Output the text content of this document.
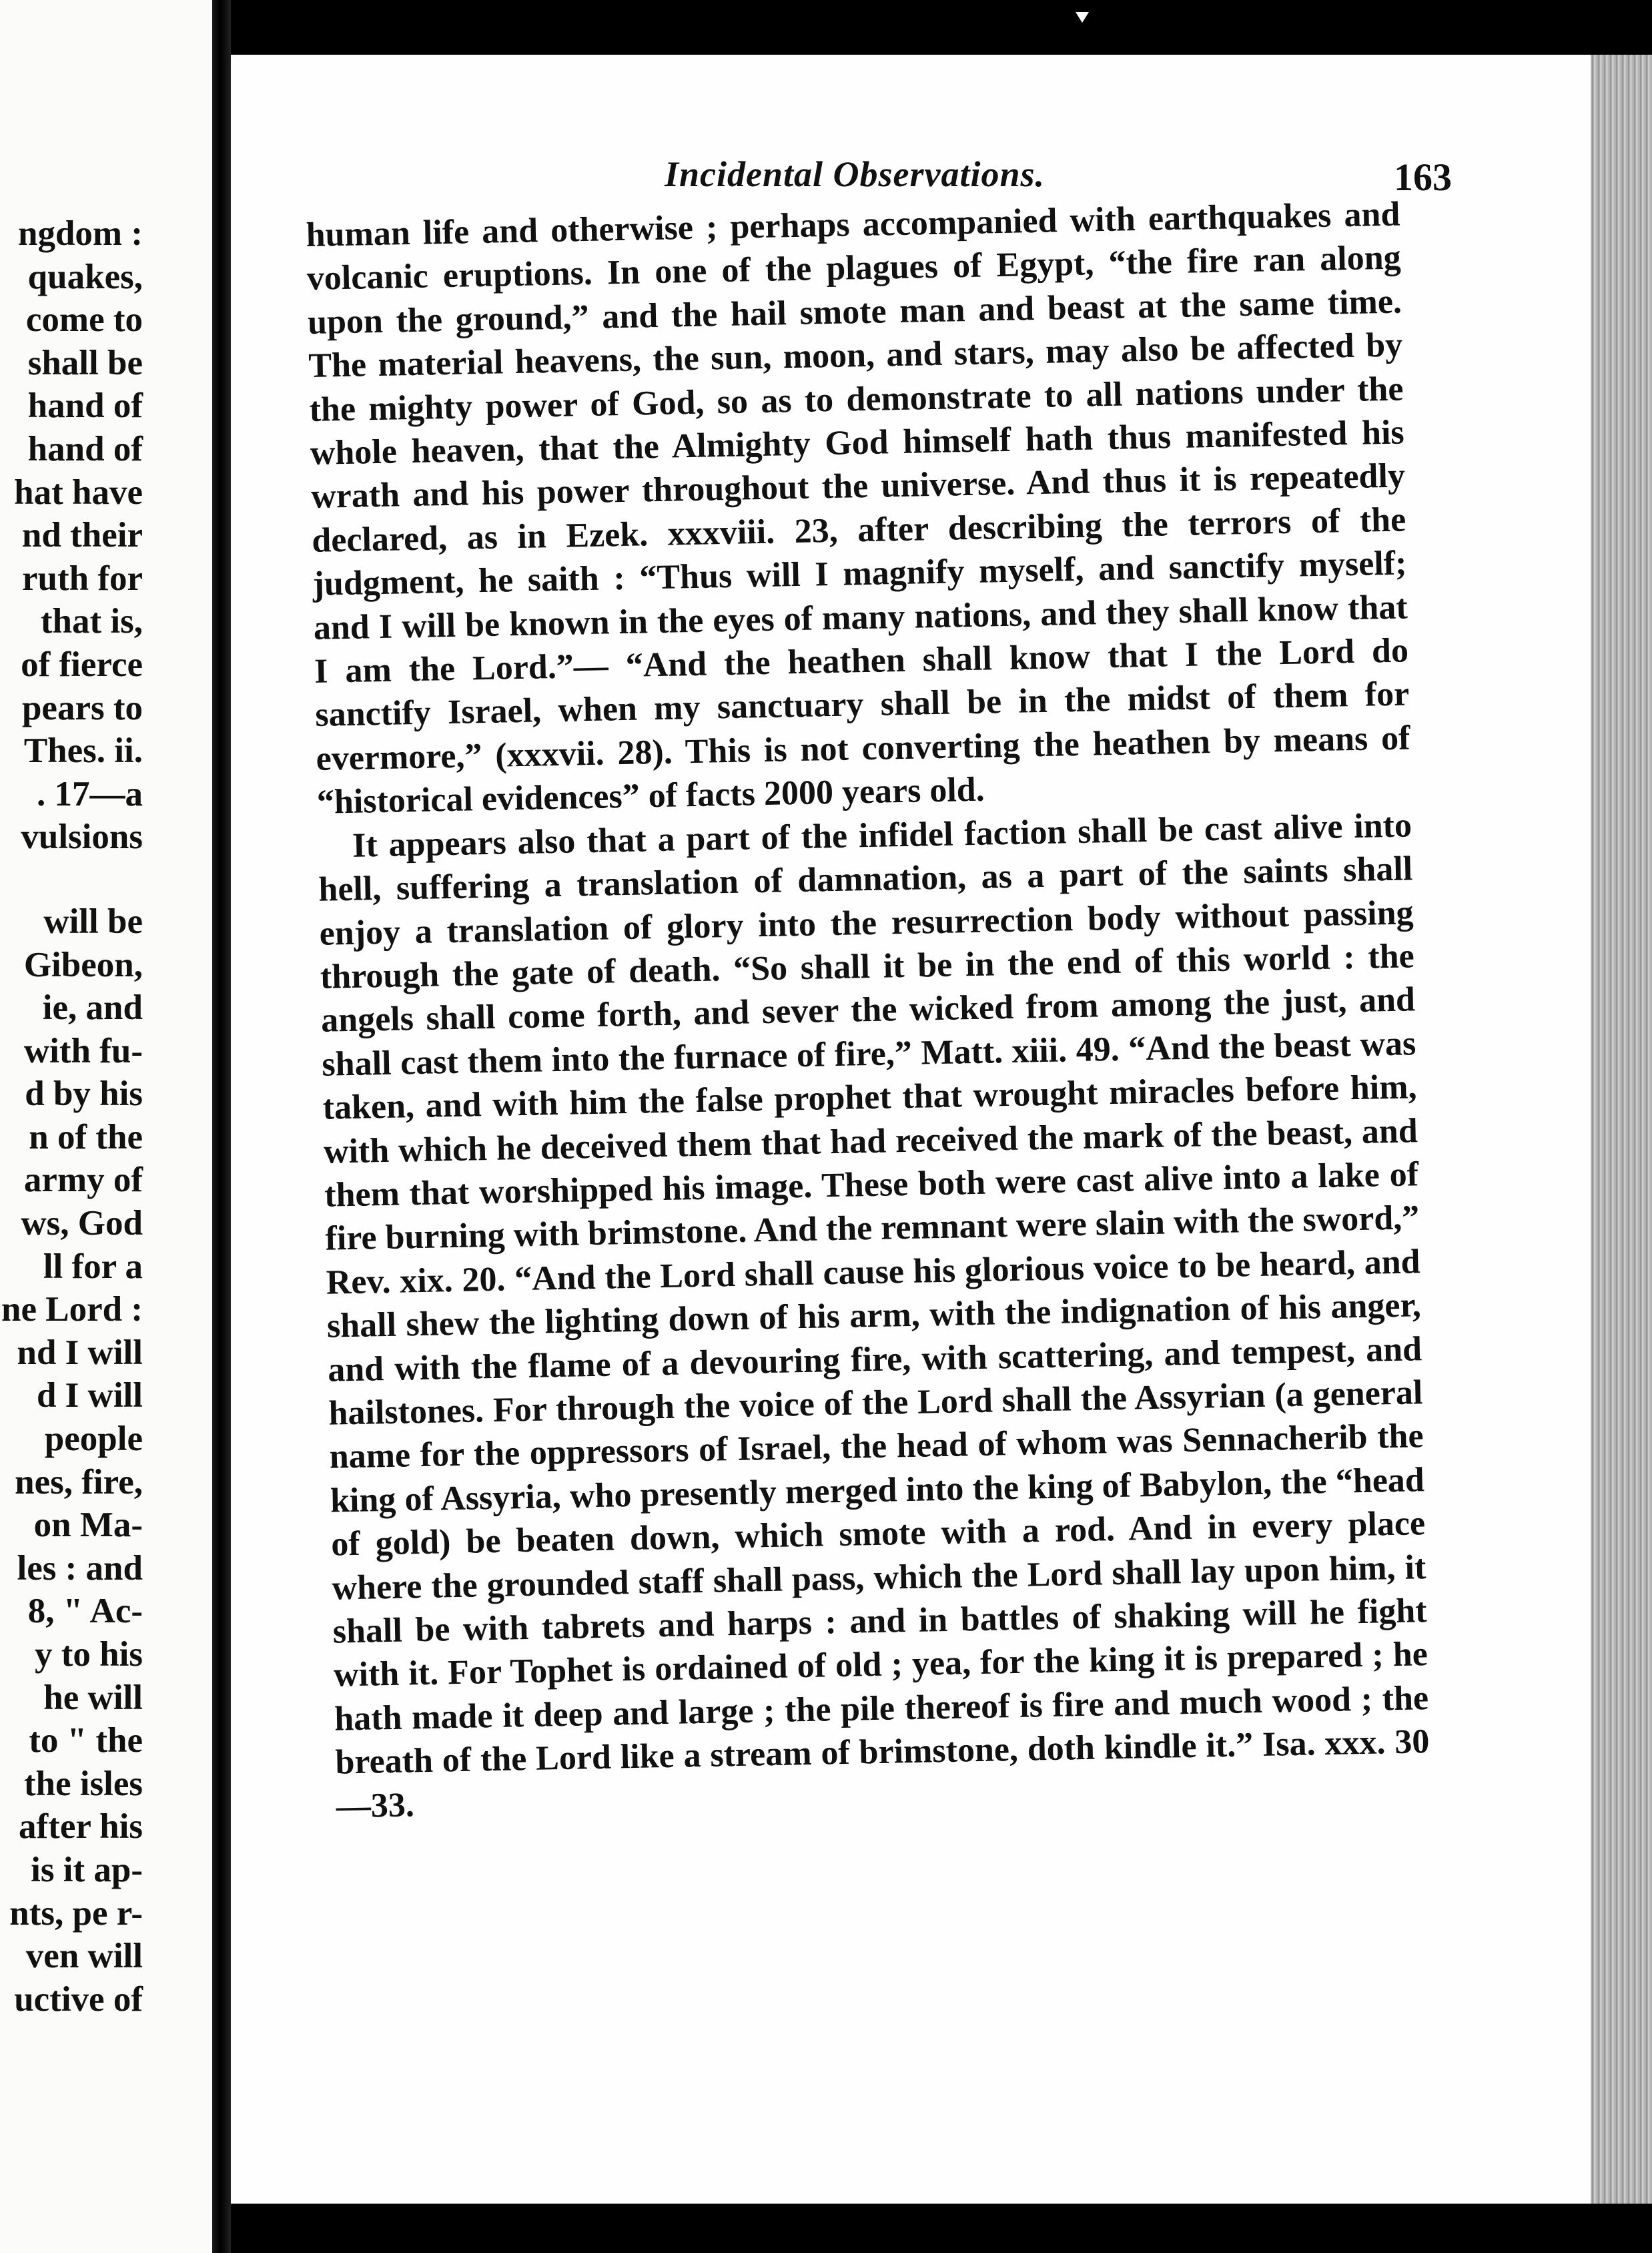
ngdom :
quakes,
come to
shall be
hand of
hand of
hat have
nd their
ruth for
that is,
of fierce
pears to
Thes. ii.
. 17—a
vulsions
will be
Gibeon,
ie, and
with fu-
d by his
n of the
army of
ws, God
ll for a
ne Lord :
nd I will
d I will
people
nes, fire,
on Ma-
les : and
8, " Ac-
y to his
he will
to " the
the isles
after his
is it ap-
nts, pe r-
ven will
uctive of
Incidental Observations.	163

human life and otherwise ; perhaps accompanied with earthquakes and volcanic eruptions. In one of the plagues of Egypt, “the fire ran along upon the ground,” and the hail smote man and beast at the same time. The material heavens, the sun, moon, and stars, may also be affected by the mighty power of God, so as to demonstrate to all nations under the whole heaven, that the Almighty God himself hath thus manifested his wrath and his power throughout the universe. And thus it is repeatedly declared, as in Ezek. xxxviii. 23, after describing the terrors of the judgment, he saith : “Thus will I magnify myself, and sanctify myself; and I will be known in the eyes of many nations, and they shall know that I am the Lord.”— “And the heathen shall know that I the Lord do sanctify Israel, when my sanctuary shall be in the midst of them for evermore,” (xxxvii. 28). This is not converting the heathen by means of “historical evidences” of facts 2000 years old.

It appears also that a part of the infidel faction shall be cast alive into hell, suffering a translation of damnation, as a part of the saints shall enjoy a translation of glory into the resurrection body without passing through the gate of death. “So shall it be in the end of this world : the angels shall come forth, and sever the wicked from among the just, and shall cast them into the furnace of fire,” Matt. xiii. 49. “And the beast was taken, and with him the false prophet that wrought miracles before him, with which he deceived them that had received the mark of the beast, and them that worshipped his image. These both were cast alive into a lake of fire burning with brimstone. And the remnant were slain with the sword,” Rev. xix. 20. “And the Lord shall cause his glorious voice to be heard, and shall shew the lighting down of his arm, with the indignation of his anger, and with the flame of a devouring fire, with scattering, and tempest, and hailstones. For through the voice of the Lord shall the Assyrian (a general name for the oppressors of Israel, the head of whom was Sennacherib the king of Assyria, who presently merged into the king of Babylon, the “head of gold) be beaten down, which smote with a rod. And in every place where the grounded staff shall pass, which the Lord shall lay upon him, it shall be with tabrets and harps : and in battles of shaking will he fight with it. For Tophet is ordained of old ; yea, for the king it is prepared ; he hath made it deep and large ; the pile thereof is fire and much wood ; the breath of the Lord like a stream of brimstone, doth kindle it.” Isa. xxx. 30—33.
